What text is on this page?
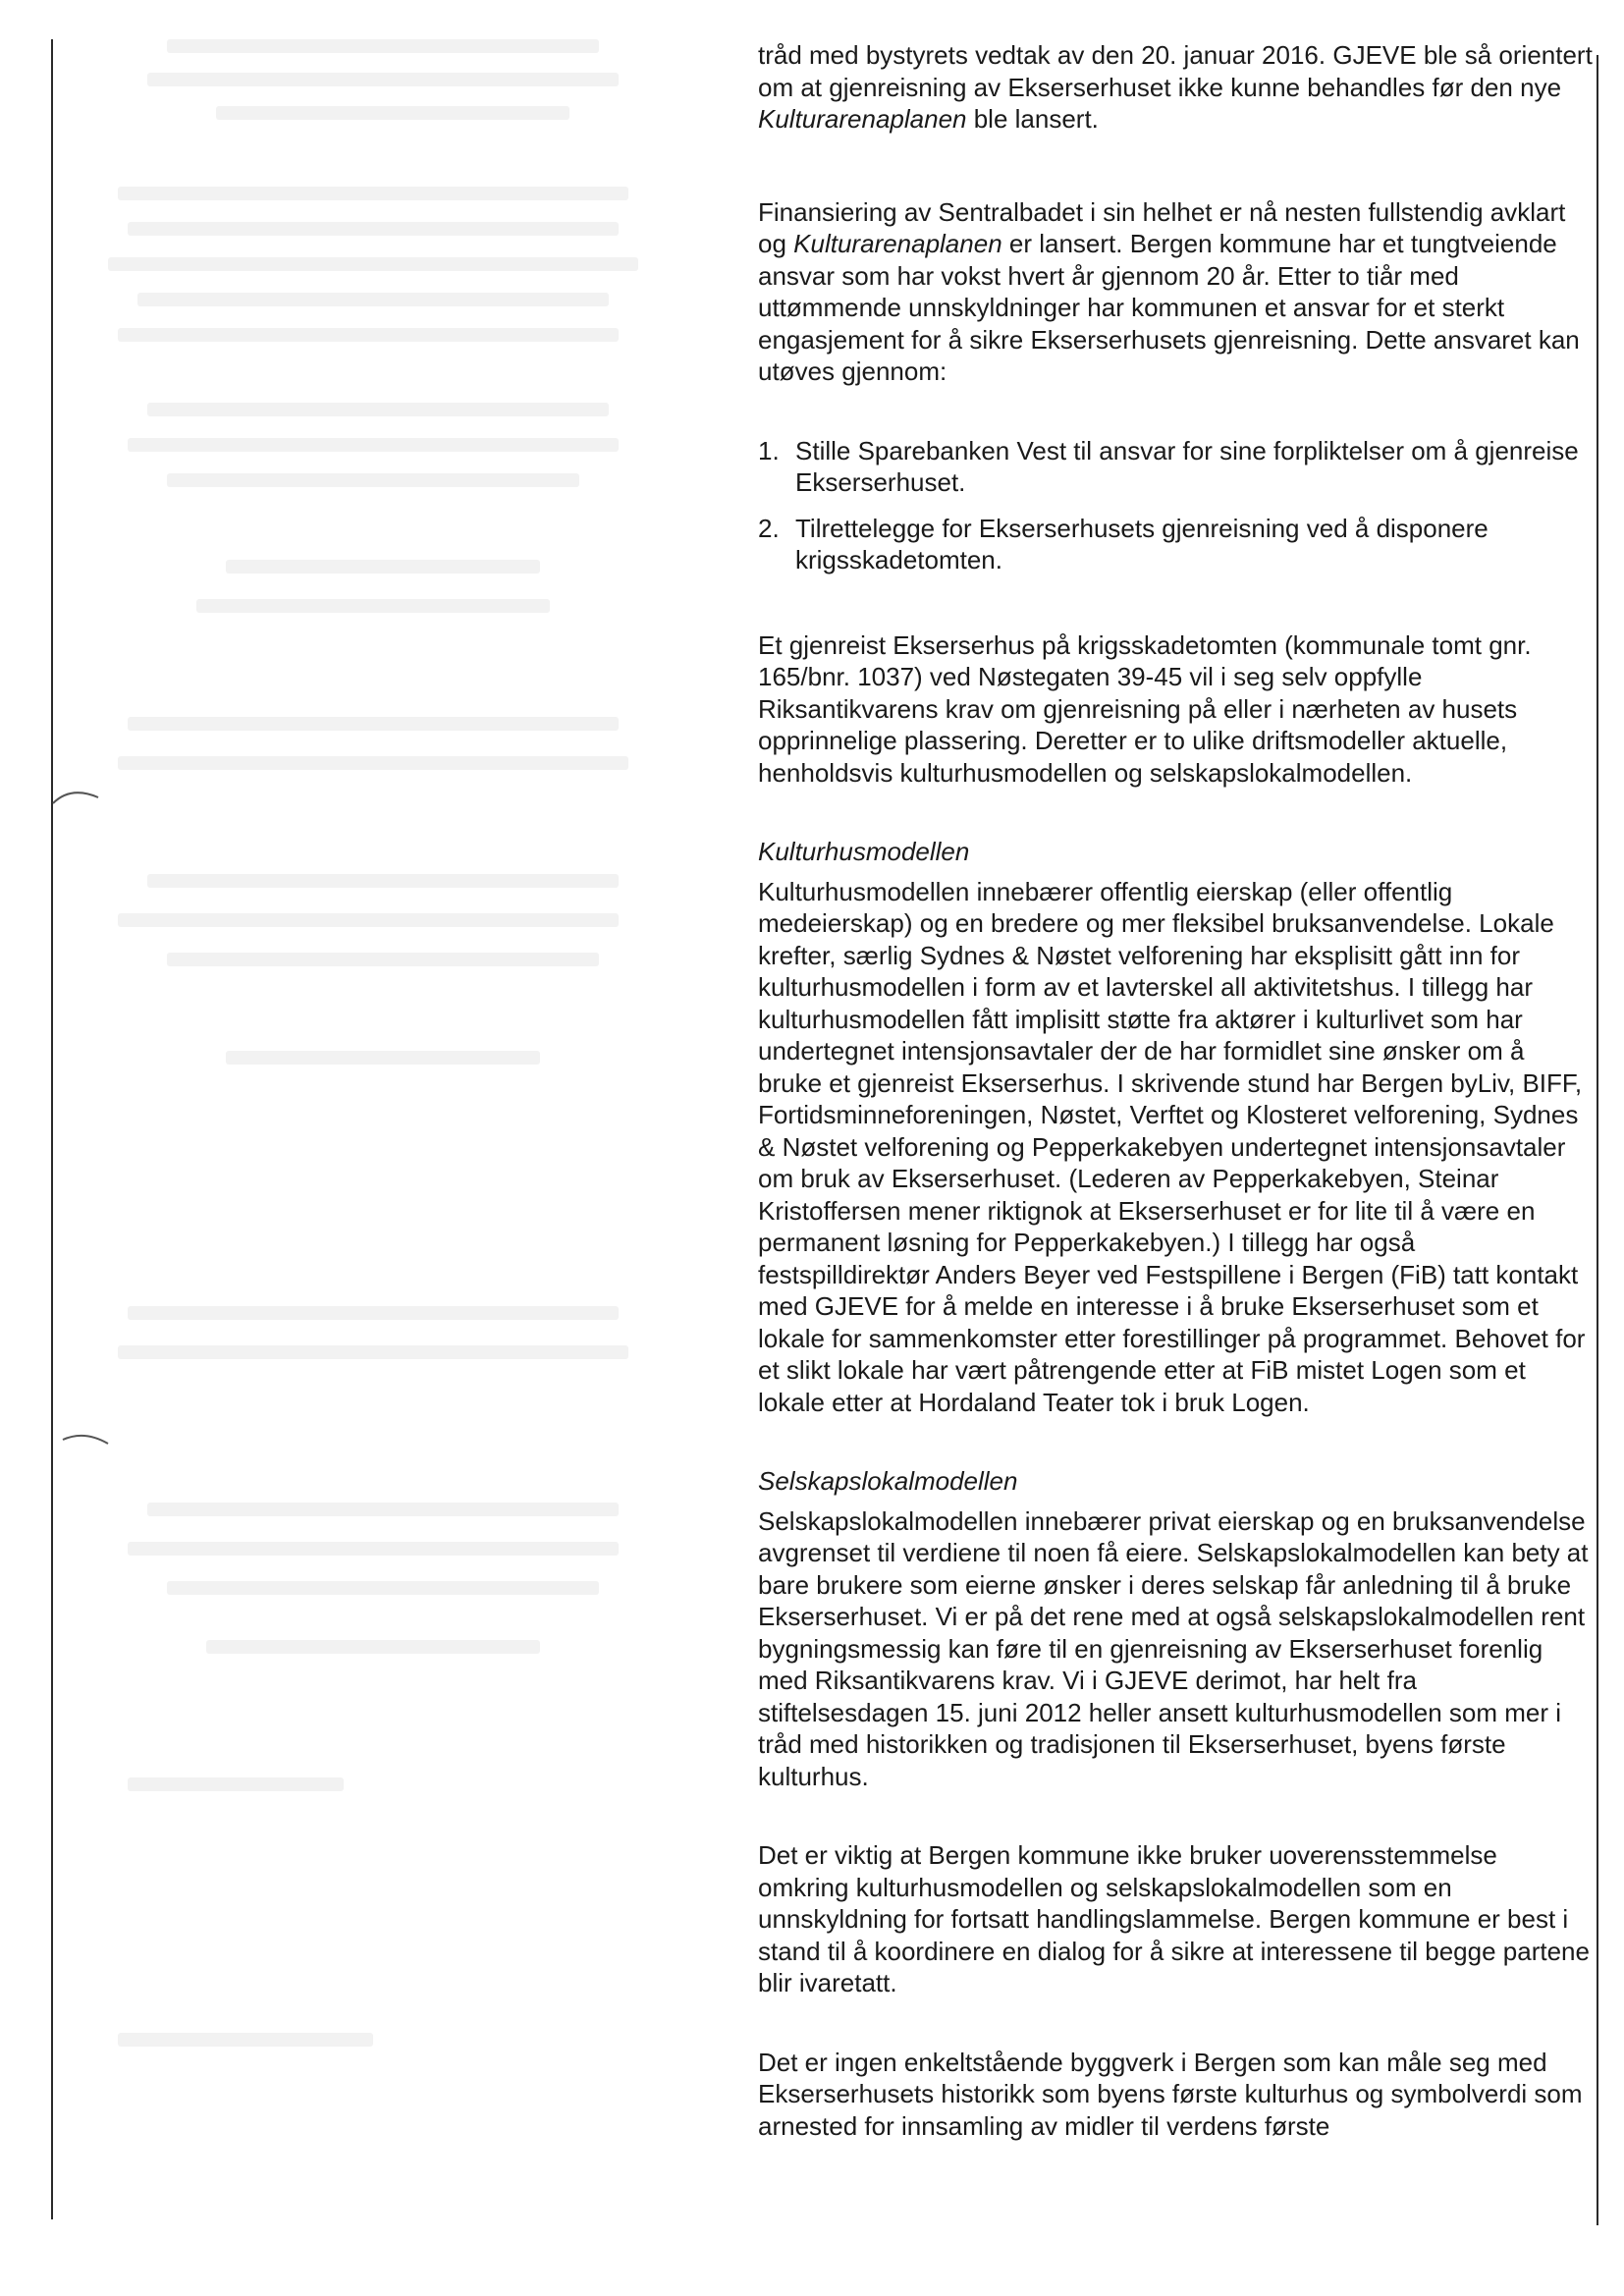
tråd med bystyrets vedtak av den 20. januar 2016. GJEVE ble så orientert om at gjenreisning av Ekserserhuset ikke kunne behandles før den nye Kulturarenaplanen ble lansert.

Finansiering av Sentralbadet i sin helhet er nå nesten fullstendig avklart og Kulturarenaplanen er lansert. Bergen kommune har et tungtveiende ansvar som har vokst hvert år gjennom 20 år. Etter to tiår med uttømmende unnskyldninger har kommunen et ansvar for et sterkt engasjement for å sikre Ekserserhusets gjenreisning. Dette ansvaret kan utøves gjennom:

1. Stille Sparebanken Vest til ansvar for sine forpliktelser om å gjenreise Ekserserhuset.
2. Tilrettelegge for Ekserserhusets gjenreisning ved å disponere krigsskadetomten.

Et gjenreist Ekserserhus på krigsskadetomten (kommunale tomt gnr. 165/bnr. 1037) ved Nøstegaten 39-45 vil i seg selv oppfylle Riksantikvarens krav om gjenreisning på eller i nærheten av husets opprinnelige plassering. Deretter er to ulike driftsmodeller aktuelle, henholdsvis kulturhusmodellen og selskapslokalmodellen.

Kulturhusmodellen

Kulturhusmodellen innebærer offentlig eierskap (eller offentlig medeierskap) og en bredere og mer fleksibel bruksanvendelse. Lokale krefter, særlig Sydnes & Nøstet velforening har eksplisitt gått inn for kulturhusmodellen i form av et lavterskel all aktivitetshus. I tillegg har kulturhusmodellen fått implisitt støtte fra aktører i kulturlivet som har undertegnet intensjonsavtaler der de har formidlet sine ønsker om å bruke et gjenreist Ekserserhus. I skrivende stund har Bergen byLiv, BIFF, Fortidsminneforeningen, Nøstet, Verftet og Klosteret velforening, Sydnes & Nøstet velforening og Pepperkakebyen undertegnet intensjonsavtaler om bruk av Ekserserhuset. (Lederen av Pepperkakebyen, Steinar Kristoffersen mener riktignok at Ekserserhuset er for lite til å være en permanent løsning for Pepperkakebyen.) I tillegg har også festspilldirektør Anders Beyer ved Festspillene i Bergen (FiB) tatt kontakt med GJEVE for å melde en interesse i å bruke Ekserserhuset som et lokale for sammenkomster etter forestillinger på programmet. Behovet for et slikt lokale har vært påtrengende etter at FiB mistet Logen som et lokale etter at Hordaland Teater tok i bruk Logen.

Selskapslokalmodellen

Selskapslokalmodellen innebærer privat eierskap og en bruksanvendelse avgrenset til verdiene til noen få eiere. Selskapslokalmodellen kan bety at bare brukere som eierne ønsker i deres selskap får anledning til å bruke Ekserserhuset. Vi er på det rene med at også selskapslokalmodellen rent bygningsmessig kan føre til en gjenreisning av Ekserserhuset forenlig med Riksantikvarens krav. Vi i GJEVE derimot, har helt fra stiftelsesdagen 15. juni 2012 heller ansett kulturhusmodellen som mer i tråd med historikken og tradisjonen til Ekserserhuset, byens første kulturhus.

Det er viktig at Bergen kommune ikke bruker uoverensstemmelse omkring kulturhusmodellen og selskapslokalmodellen som en unnskyldning for fortsatt handlingslammelse. Bergen kommune er best i stand til å koordinere en dialog for å sikre at interessene til begge partene blir ivaretatt.

Det er ingen enkeltstående byggverk i Bergen som kan måle seg med Ekserserhusets historikk som byens første kulturhus og symbolverdi som arnested for innsamling av midler til verdens første
